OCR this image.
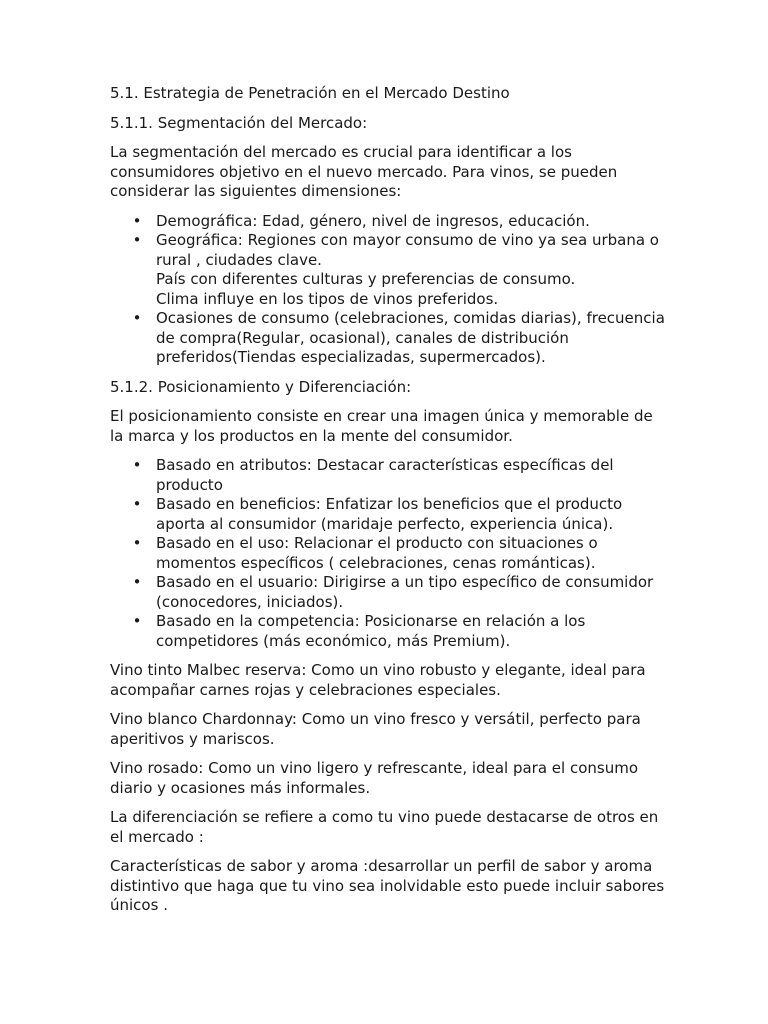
5.1. Estrategia de Penetración en el Mercado Destino

5.1.1. Segmentación del Mercado:

La segmentación del mercado es crucial para identificar a los consumidores objetivo en el nuevo mercado. Para vinos, se pueden considerar las siguientes dimensiones:

• Demográfica: Edad, género, nivel de ingresos, educación.
• Geográfica: Regiones con mayor consumo de vino ya sea urbana o rural , ciudades clave.
País con diferentes culturas y preferencias de consumo.
Clima influye en los tipos de vinos preferidos.
• Ocasiones de consumo (celebraciones, comidas diarias), frecuencia de compra(Regular, ocasional), canales de distribución preferidos(Tiendas especializadas, supermercados).

5.1.2. Posicionamiento y Diferenciación:

El posicionamiento consiste en crear una imagen única y memorable de la marca y los productos en la mente del consumidor.

• Basado en atributos: Destacar características específicas del producto
• Basado en beneficios: Enfatizar los beneficios que el producto aporta al consumidor (maridaje perfecto, experiencia única).
• Basado en el uso: Relacionar el producto con situaciones o momentos específicos ( celebraciones, cenas románticas).
• Basado en el usuario: Dirigirse a un tipo específico de consumidor (conocedores, iniciados).
• Basado en la competencia: Posicionarse en relación a los competidores (más económico, más Premium).

Vino tinto Malbec reserva: Como un vino robusto y elegante, ideal para acompañar carnes rojas y celebraciones especiales.

Vino blanco Chardonnay: Como un vino fresco y versátil, perfecto para aperitivos y mariscos.

Vino rosado: Como un vino ligero y refrescante, ideal para el consumo diario y ocasiones más informales.

La diferenciación se refiere a como tu vino puede destacarse de otros en el mercado :

Características de sabor y aroma :desarrollar un perfil de sabor y aroma distintivo que haga que tu vino sea inolvidable esto puede incluir sabores únicos .
